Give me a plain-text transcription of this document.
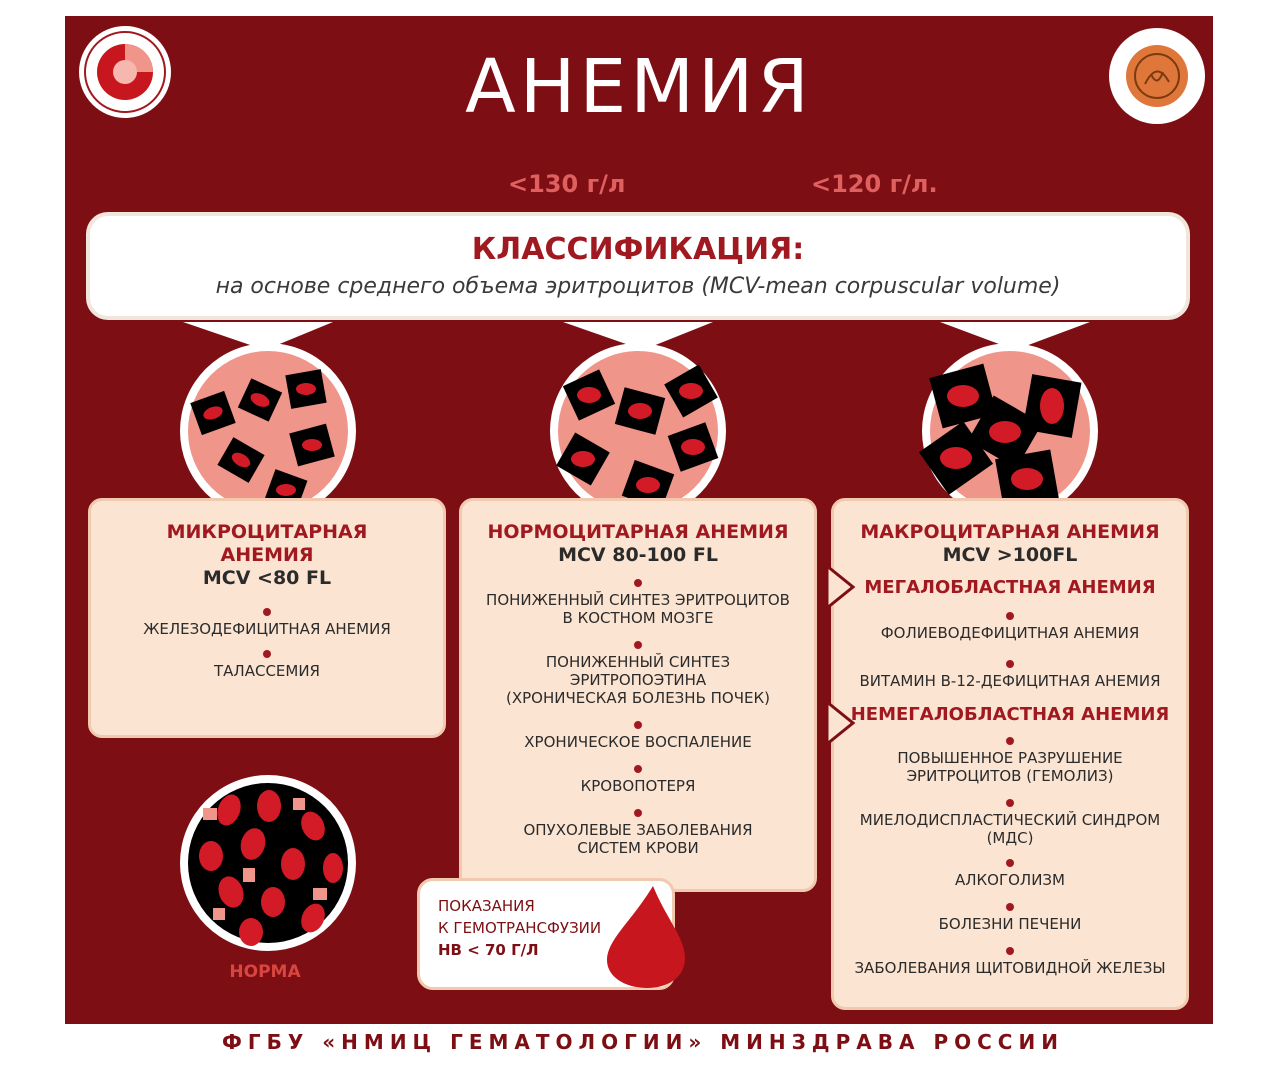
АНЕМИЯ
<130 г/л	<120 г/л.
КЛАССИФИКАЦИЯ:
на основе среднего объема эритроцитов (MCV-mean corpuscular volume)
МИКРОЦИТАРНАЯ
АНЕМИЯ
MCV <80 FL
ЖЕЛЕЗОДЕФИЦИТНАЯ АНЕМИЯ
ТАЛАССЕМИЯ
НОРМОЦИТАРНАЯ АНЕМИЯ
MCV 80-100 FL
ПОНИЖЕННЫЙ СИНТЕЗ ЭРИТРОЦИТОВ
В КОСТНОМ МОЗГЕ
ПОНИЖЕННЫЙ СИНТЕЗ
ЭРИТРОПОЭТИНА
(ХРОНИЧЕСКАЯ БОЛЕЗНЬ ПОЧЕК)
ХРОНИЧЕСКОЕ ВОСПАЛЕНИЕ
КРОВОПОТЕРЯ
ОПУХОЛЕВЫЕ ЗАБОЛЕВАНИЯ
СИСТЕМ КРОВИ
МАКРОЦИТАРНАЯ АНЕМИЯ
MCV >100FL
МЕГАЛОБЛАСТНАЯ АНЕМИЯ
ФОЛИЕВОДЕФИЦИТНАЯ АНЕМИЯ
ВИТАМИН В-12-ДЕФИЦИТНАЯ АНЕМИЯ
НЕМЕГАЛОБЛАСТНАЯ АНЕМИЯ
ПОВЫШЕННОЕ РАЗРУШЕНИЕ
ЭРИТРОЦИТОВ (ГЕМОЛИЗ)
МИЕЛОДИСПЛАСТИЧЕСКИЙ СИНДРОМ
(МДС)
АЛКОГОЛИЗМ
БОЛЕЗНИ ПЕЧЕНИ
ЗАБОЛЕВАНИЯ ЩИТОВИДНОЙ ЖЕЛЕЗЫ
НОРМА
ПОКАЗАНИЯ
К ГЕМОТРАНСФУЗИИ
НВ < 70 Г/Л
ФГБУ «НМИЦ ГЕМАТОЛОГИИ» МИНЗДРАВА РОССИИ
